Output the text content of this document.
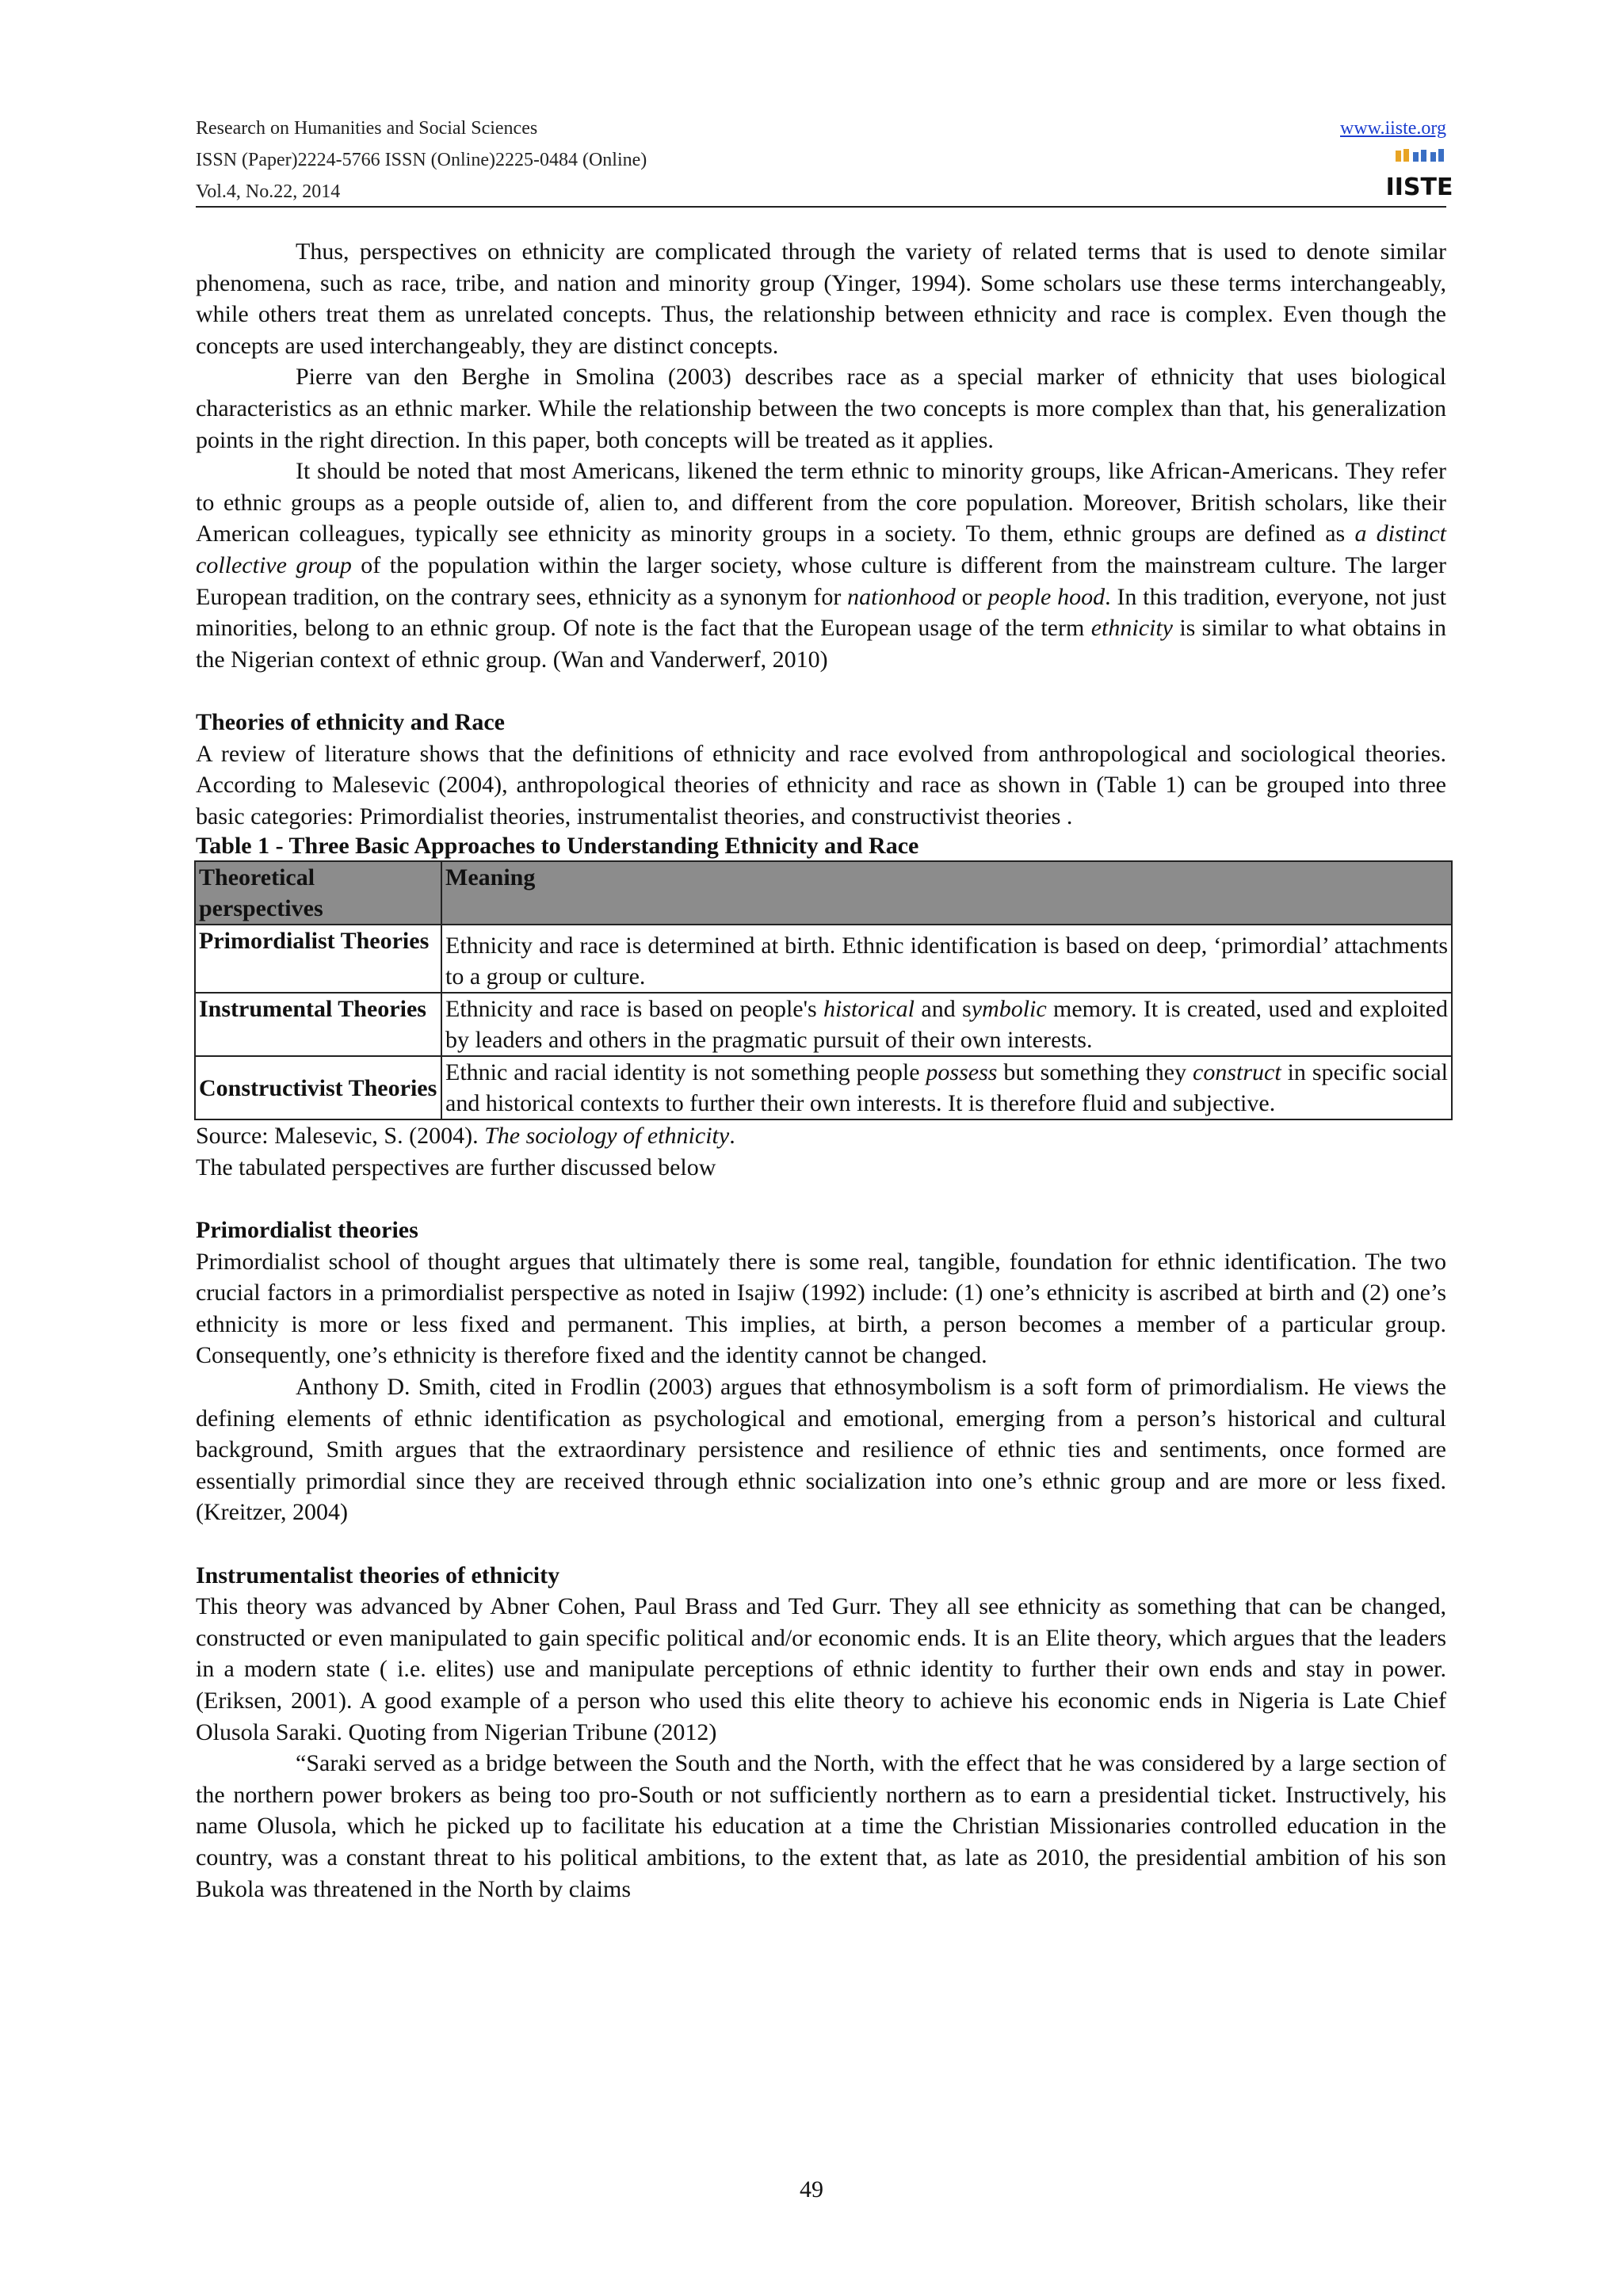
Research on Humanities and Social Sciences
ISSN (Paper)2224-5766 ISSN (Online)2225-0484 (Online)
Vol.4, No.22, 2014
www.iiste.org
IISTE

Thus, perspectives on ethnicity are complicated through the variety of related terms that is used to denote similar phenomena, such as race, tribe, and nation and minority group (Yinger, 1994). Some scholars use these terms interchangeably, while others treat them as unrelated concepts. Thus, the relationship between ethnicity and race is complex. Even though the concepts are used interchangeably, they are distinct concepts.

Pierre van den Berghe in Smolina (2003) describes race as a special marker of ethnicity that uses biological characteristics as an ethnic marker. While the relationship between the two concepts is more complex than that, his generalization points in the right direction. In this paper, both concepts will be treated as it applies.

It should be noted that most Americans, likened the term ethnic to minority groups, like African-Americans. They refer to ethnic groups as a people outside of, alien to, and different from the core population. Moreover, British scholars, like their American colleagues, typically see ethnicity as minority groups in a society. To them, ethnic groups are defined as a distinct collective group of the population within the larger society, whose culture is different from the mainstream culture. The larger European tradition, on the contrary sees, ethnicity as a synonym for nationhood or people hood. In this tradition, everyone, not just minorities, belong to an ethnic group. Of note is the fact that the European usage of the term ethnicity is similar to what obtains in the Nigerian context of ethnic group. (Wan and Vanderwerf, 2010)

Theories of ethnicity and Race

A review of literature shows that the definitions of ethnicity and race evolved from anthropological and sociological theories. According to Malesevic (2004), anthropological theories of ethnicity and race as shown in (Table 1) can be grouped into three basic categories: Primordialist theories, instrumentalist theories, and constructivist theories .

Table 1 - Three Basic Approaches to Understanding Ethnicity and Race

Theoretical perspectives	Meaning
Primordialist Theories	Ethnicity and race is determined at birth. Ethnic identification is based on deep, ‘primordial’ attachments to a group or culture.
Instrumental Theories	Ethnicity and race is based on people's historical and symbolic memory. It is created, used and exploited by leaders and others in the pragmatic pursuit of their own interests.
Constructivist Theories	Ethnic and racial identity is not something people possess but something they construct in specific social and historical contexts to further their own interests. It is therefore fluid and subjective.

Source: Malesevic, S. (2004). The sociology of ethnicity.

The tabulated perspectives are further discussed below

Primordialist theories

Primordialist school of thought argues that ultimately there is some real, tangible, foundation for ethnic identification. The two crucial factors in a primordialist perspective as noted in Isajiw (1992) include: (1) one’s ethnicity is ascribed at birth and (2) one’s ethnicity is more or less fixed and permanent. This implies, at birth, a person becomes a member of a particular group. Consequently, one’s ethnicity is therefore fixed and the identity cannot be changed.

Anthony D. Smith, cited in Frodlin (2003) argues that ethnosymbolism is a soft form of primordialism. He views the defining elements of ethnic identification as psychological and emotional, emerging from a person’s historical and cultural background, Smith argues that the extraordinary persistence and resilience of ethnic ties and sentiments, once formed are essentially primordial since they are received through ethnic socialization into one’s ethnic group and are more or less fixed. (Kreitzer, 2004)

Instrumentalist theories of ethnicity

This theory was advanced by Abner Cohen, Paul Brass and Ted Gurr. They all see ethnicity as something that can be changed, constructed or even manipulated to gain specific political and/or economic ends. It is an Elite theory, which argues that the leaders in a modern state ( i.e. elites) use and manipulate perceptions of ethnic identity to further their own ends and stay in power. (Eriksen, 2001). A good example of a person who used this elite theory to achieve his economic ends in Nigeria is Late Chief Olusola Saraki. Quoting from Nigerian Tribune (2012)

“Saraki served as a bridge between the South and the North, with the effect that he was considered by a large section of the northern power brokers as being too pro-South or not sufficiently northern as to earn a presidential ticket. Instructively, his name Olusola, which he picked up to facilitate his education at a time the Christian Missionaries controlled education in the country, was a constant threat to his political ambitions, to the extent that, as late as 2010, the presidential ambition of his son Bukola was threatened in the North by claims

49
